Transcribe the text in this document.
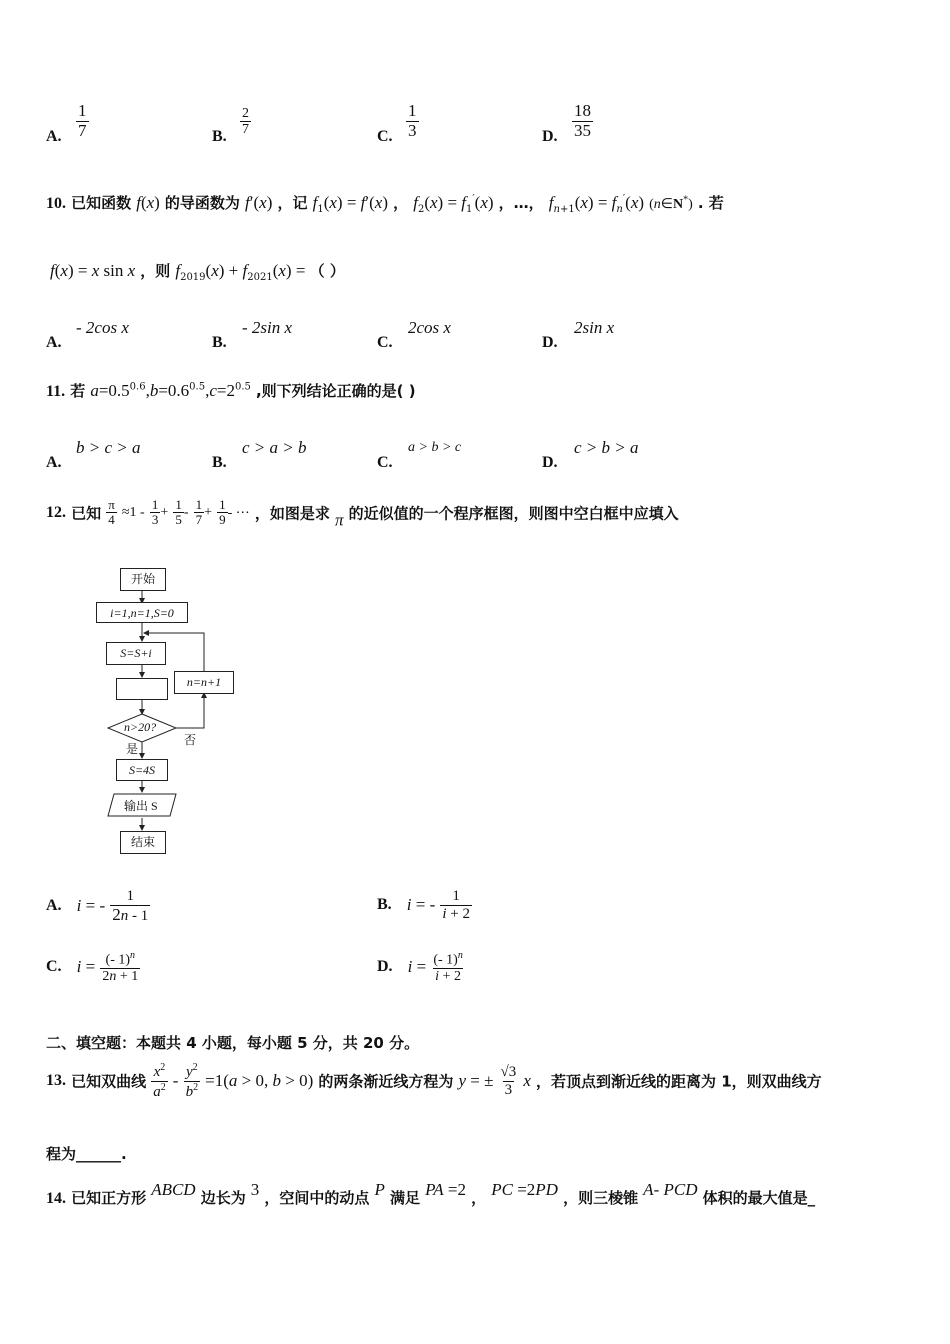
A. $\frac{1}{7}$	B. $\frac{2}{7}$	C. $\frac{1}{3}$	D. $\frac{18}{35}$
10. 已知函数 f(x) 的导函数为 f′(x) ，记 $f_1(x) = f'(x)$ ， $f_2(x) = f_1'(x)$ ，…， $f_{n+1}(x) = f_n'(x)$ (n∈N*) . 若
f(x) = x sin x ，则 $f_{2019}(x) + f_{2021}(x)$ = （ ）
A.
- 2cos x
B.
- 2sin x
C.
2cos x
D.
2sin x
11. 若 $a=0.5^{0.6},b=0.6^{0.5},c=2^{0.5}$ ,则下列结论正确的是( )
A.
b > c > a
B.
c > a > b
C.
a > b > c
D.
c > b > a
12. 已知 $\frac{\pi}{4} \approx 1 - \frac{1}{3} + \frac{1}{5} - \frac{1}{7} + \frac{1}{9}$ - ⋯ ，如图是求 π 的近似值的一个程序框图，则图中空白框中应填入
开始
i=1,n=1,S=0
S=S+i
n=n+1
n>20?
是
否
S=4S
输出 S
结束
A. i = - $\frac{1}{2n - 1}$	B. i = - $\frac{1}{i + 2}$
C. $i = \frac{(- 1)^n}{2n + 1}$	D. $i = \frac{(- 1)^n}{i + 2}$
二、填空题：本题共 4 小题，每小题 5 分，共 20 分。
13. 已知双曲线 $\frac{x^2}{a^2} - \frac{y^2}{b^2} =1(a > 0$, b > 0) 的两条渐近线方程为 y = ± $\frac{√3}{3}$ x ，若顶点到渐近线的距离为 1，则双曲线方
程为______.
14. 已知正方形 ABCD 边长为 3 ，空间中的动点 P 满足 PA =2 ， PC =2PD ，则三棱锥 A- PCD 体积的最大值是_
